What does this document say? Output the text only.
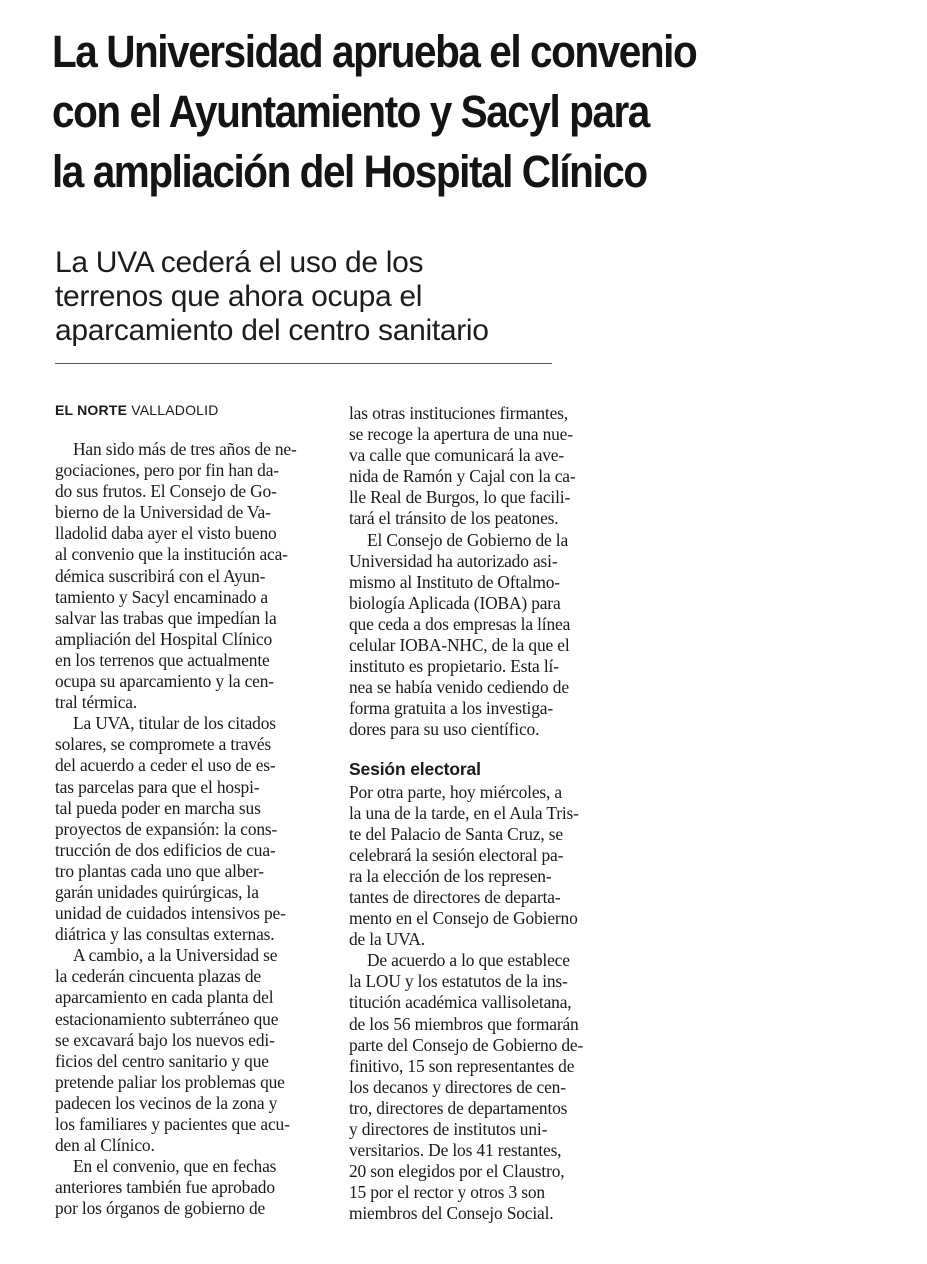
La Universidad aprueba el convenio
con el Ayuntamiento y Sacyl para
la ampliación del Hospital Clínico
La UVA cederá el uso de los
terrenos que ahora ocupa el
aparcamiento del centro sanitario
EL NORTE VALLADOLID
Han sido más de tres años de ne-
gociaciones, pero por fin han da-
do sus frutos. El Consejo de Go-
bierno de la Universidad de Va-
lladolid daba ayer el visto bueno
al convenio que la institución aca-
démica suscribirá con el Ayun-
tamiento y Sacyl encaminado a
salvar las trabas que impedían la
ampliación del Hospital Clínico
en los terrenos que actualmente
ocupa su aparcamiento y la cen-
tral térmica.
La UVA, titular de los citados
solares, se compromete a través
del acuerdo a ceder el uso de es-
tas parcelas para que el hospi-
tal pueda poder en marcha sus
proyectos de expansión: la cons-
trucción de dos edificios de cua-
tro plantas cada uno que alber-
garán unidades quirúrgicas, la
unidad de cuidados intensivos pe-
diátrica y las consultas externas.
A cambio, a la Universidad se
la cederán cincuenta plazas de
aparcamiento en cada planta del
estacionamiento subterráneo que
se excavará bajo los nuevos edi-
ficios del centro sanitario y que
pretende paliar los problemas que
padecen los vecinos de la zona y
los familiares y pacientes que acu-
den al Clínico.
En el convenio, que en fechas
anteriores también fue aprobado
por los órganos de gobierno de
las otras instituciones firmantes,
se recoge la apertura de una nue-
va calle que comunicará la ave-
nida de Ramón y Cajal con la ca-
lle Real de Burgos, lo que facili-
tará el tránsito de los peatones.
El Consejo de Gobierno de la
Universidad ha autorizado asi-
mismo al Instituto de Oftalmo-
biología Aplicada (IOBA) para
que ceda a dos empresas la línea
celular IOBA-NHC, de la que el
instituto es propietario. Esta lí-
nea se había venido cediendo de
forma gratuita a los investiga-
dores para su uso científico.
Sesión electoral
Por otra parte, hoy miércoles, a
la una de la tarde, en el Aula Tris-
te del Palacio de Santa Cruz, se
celebrará la sesión electoral pa-
ra la elección de los represen-
tantes de directores de departa-
mento en el Consejo de Gobierno
de la UVA.
De acuerdo a lo que establece
la LOU y los estatutos de la ins-
titución académica vallisoletana,
de los 56 miembros que formarán
parte del Consejo de Gobierno de-
finitivo, 15 son representantes de
los decanos y directores de cen-
tro, directores de departamentos
y directores de institutos uni-
versitarios. De los 41 restantes,
20 son elegidos por el Claustro,
15 por el rector y otros 3 son
miembros del Consejo Social.
